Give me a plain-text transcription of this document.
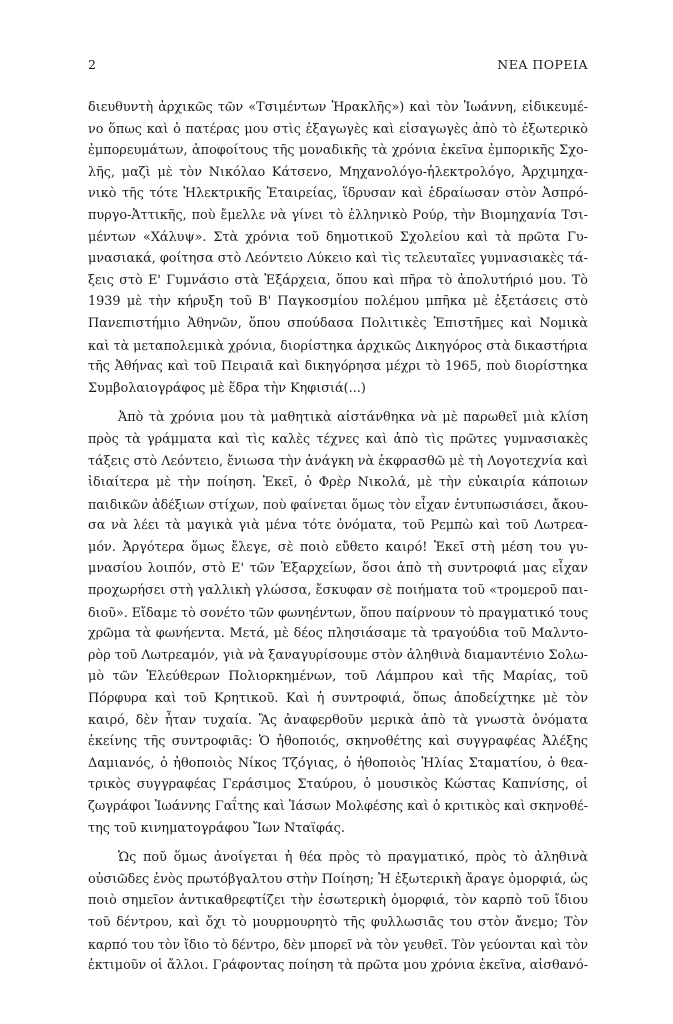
2	ΝΕΑ ΠΟΡΕΙΑ
διευθυντὴ ἀρχικῶς τῶν «Τσιμέντων Ἡρακλῆς») καὶ τὸν Ἰωάννη, εἰδικευμέ-
νο ὅπως καὶ ὁ πατέρας μου στὶς ἐξαγωγὲς καὶ εἰσαγωγὲς ἀπὸ τὸ ἐξωτερικὸ
ἐμπορευμάτων, ἀποφοίτους τῆς μοναδικῆς τὰ χρόνια ἐκεῖνα ἐμπορικῆς Σχο-
λῆς, μαζὶ μὲ τὸν Νικόλαο Κάτσενο, Μηχανολόγο-ἠλεκτρολόγο, Ἀρχιμηχα-
νικὸ τῆς τότε Ἠλεκτρικῆς Ἑταιρείας, ἵδρυσαν καὶ ἑδραίωσαν στὸν Ἀσπρό-
πυργο-Ἀττικῆς, ποὺ ἔμελλε νὰ γίνει τὸ ἑλληνικὸ Ρούρ, τὴν Βιομηχανία Τσι-
μέντων «Χάλυψ». Στὰ χρόνια τοῦ δημοτικοῦ Σχολείου καὶ τὰ πρῶτα Γυ-
μνασιακά, φοίτησα στὸ Λεόντειο Λύκειο καὶ τὶς τελευταῖες γυμνασιακὲς τά-
ξεις στὸ Ε' Γυμνάσιο στὰ Ἐξάρχεια, ὅπου καὶ πῆρα τὸ ἀπολυτήριό μου. Τὸ
1939 μὲ τὴν κήρυξη τοῦ Β' Παγκοσμίου πολέμου μπῆκα μὲ ἐξετάσεις στὸ
Πανεπιστήμιο Ἀθηνῶν, ὅπου σπούδασα Πολιτικὲς Ἐπιστῆμες καὶ Νομικὰ
καὶ τὰ μεταπολεμικὰ χρόνια, διορίστηκα ἀρχικῶς Δικηγόρος στὰ δικαστήρια
τῆς Ἀθήνας καὶ τοῦ Πειραιᾶ καὶ δικηγόρησα μέχρι τὸ 1965, ποὺ διορίστηκα
Συμβολαιογράφος μὲ ἕδρα τὴν Κηφισιά(...)
Ἀπὸ τὰ χρόνια μου τὰ μαθητικὰ αἰστάνθηκα νὰ μὲ παρωθεῖ μιὰ κλίση
πρὸς τὰ γράμματα καὶ τὶς καλὲς τέχνες καὶ ἀπὸ τὶς πρῶτες γυμνασιακὲς
τάξεις στὸ Λεόντειο, ἔνιωσα τὴν ἀνάγκη νὰ ἐκφρασθῶ μὲ τὴ Λογοτεχνία καὶ
ἰδιαίτερα μὲ τὴν ποίηση. Ἐκεῖ, ὁ Φρὲρ Νικολά, μὲ τὴν εὐκαιρία κάποιων
παιδικῶν ἀδέξιων στίχων, ποὺ φαίνεται ὅμως τὸν εἶχαν ἐντυπωσιάσει, ἄκου-
σα νὰ λέει τὰ μαγικὰ γιὰ μένα τότε ὀνόματα, τοῦ Ρεμπὼ καὶ τοῦ Λωτρεα-
μόν. Ἀργότερα ὅμως ἔλεγε, σὲ ποιὸ εὔθετο καιρό! Ἐκεῖ στὴ μέση του γυ-
μνασίου λοιπόν, στὸ Ε' τῶν Ἐξαρχείων, ὅσοι ἀπὸ τὴ συντροφιά μας εἶχαν
προχωρήσει στὴ γαλλικὴ γλώσσα, ἔσκυφαν σὲ ποιήματα τοῦ «τρομεροῦ παι-
διοῦ». Εἴδαμε τὸ σονέτο τῶν φωνηέντων, ὅπου παίρνουν τὸ πραγματικό τους
χρῶμα τὰ φωνήεντα. Μετά, μὲ δέος πλησιάσαμε τὰ τραγούδια τοῦ Μαλντο-
ρὸρ τοῦ Λωτρεαμόν, γιὰ νὰ ξαναγυρίσουμε στὸν ἀληθινὰ διαμαντένιο Σολω-
μὸ τῶν Ἐλεύθερων Πολιορκημένων, τοῦ Λάμπρου καὶ τῆς Μαρίας, τοῦ
Πόρφυρα καὶ τοῦ Κρητικοῦ. Καὶ ἡ συντροφιά, ὅπως ἀποδείχτηκε μὲ τὸν
καιρό, δὲν ἦταν τυχαία. Ἂς ἀναφερθοῦν μερικὰ ἀπὸ τὰ γνωστὰ ὀνόματα
ἐκείνης τῆς συντροφιᾶς: Ὁ ἠθοποιός, σκηνοθέτης καὶ συγγραφέας Ἀλέξης
Δαμιανός, ὁ ἠθοποιὸς Νίκος Τζόγιας, ὁ ἠθοποιὸς Ἠλίας Σταματίου, ὁ θεα-
τρικὸς συγγραφέας Γεράσιμος Σταύρου, ὁ μουσικὸς Κώστας Καπνίσης, οἱ
ζωγράφοι Ἰωάννης Γαΐτης καὶ Ἰάσων Μολφέσης καὶ ὁ κριτικὸς καὶ σκηνοθέ-
της τοῦ κινηματογράφου Ἴων Νταϊφάς.
Ὡς ποῦ ὅμως ἀνοίγεται ἡ θέα πρὸς τὸ πραγματικό, πρὸς τὸ ἀληθινὰ
οὐσιῶδες ἑνὸς πρωτόβγαλτου στὴν Ποίηση; Ἡ ἐξωτερικὴ ἄραγε ὀμορφιά, ὡς
ποιὸ σημεῖον ἀντικαθρεφτίζει τὴν ἐσωτερικὴ ὀμορφιά, τὸν καρπὸ τοῦ ἴδιου
τοῦ δέντρου, καὶ ὄχι τὸ μουρμουρητὸ τῆς φυλλωσιᾶς του στὸν ἄνεμο; Τὸν
καρπό του τὸν ἴδιο τὸ δέντρο, δὲν μπορεῖ νὰ τὸν γευθεῖ. Τὸν γεύονται καὶ τὸν
ἐκτιμοῦν οἱ ἄλλοι. Γράφοντας ποίηση τὰ πρῶτα μου χρόνια ἐκεῖνα, αἰσθανό-
